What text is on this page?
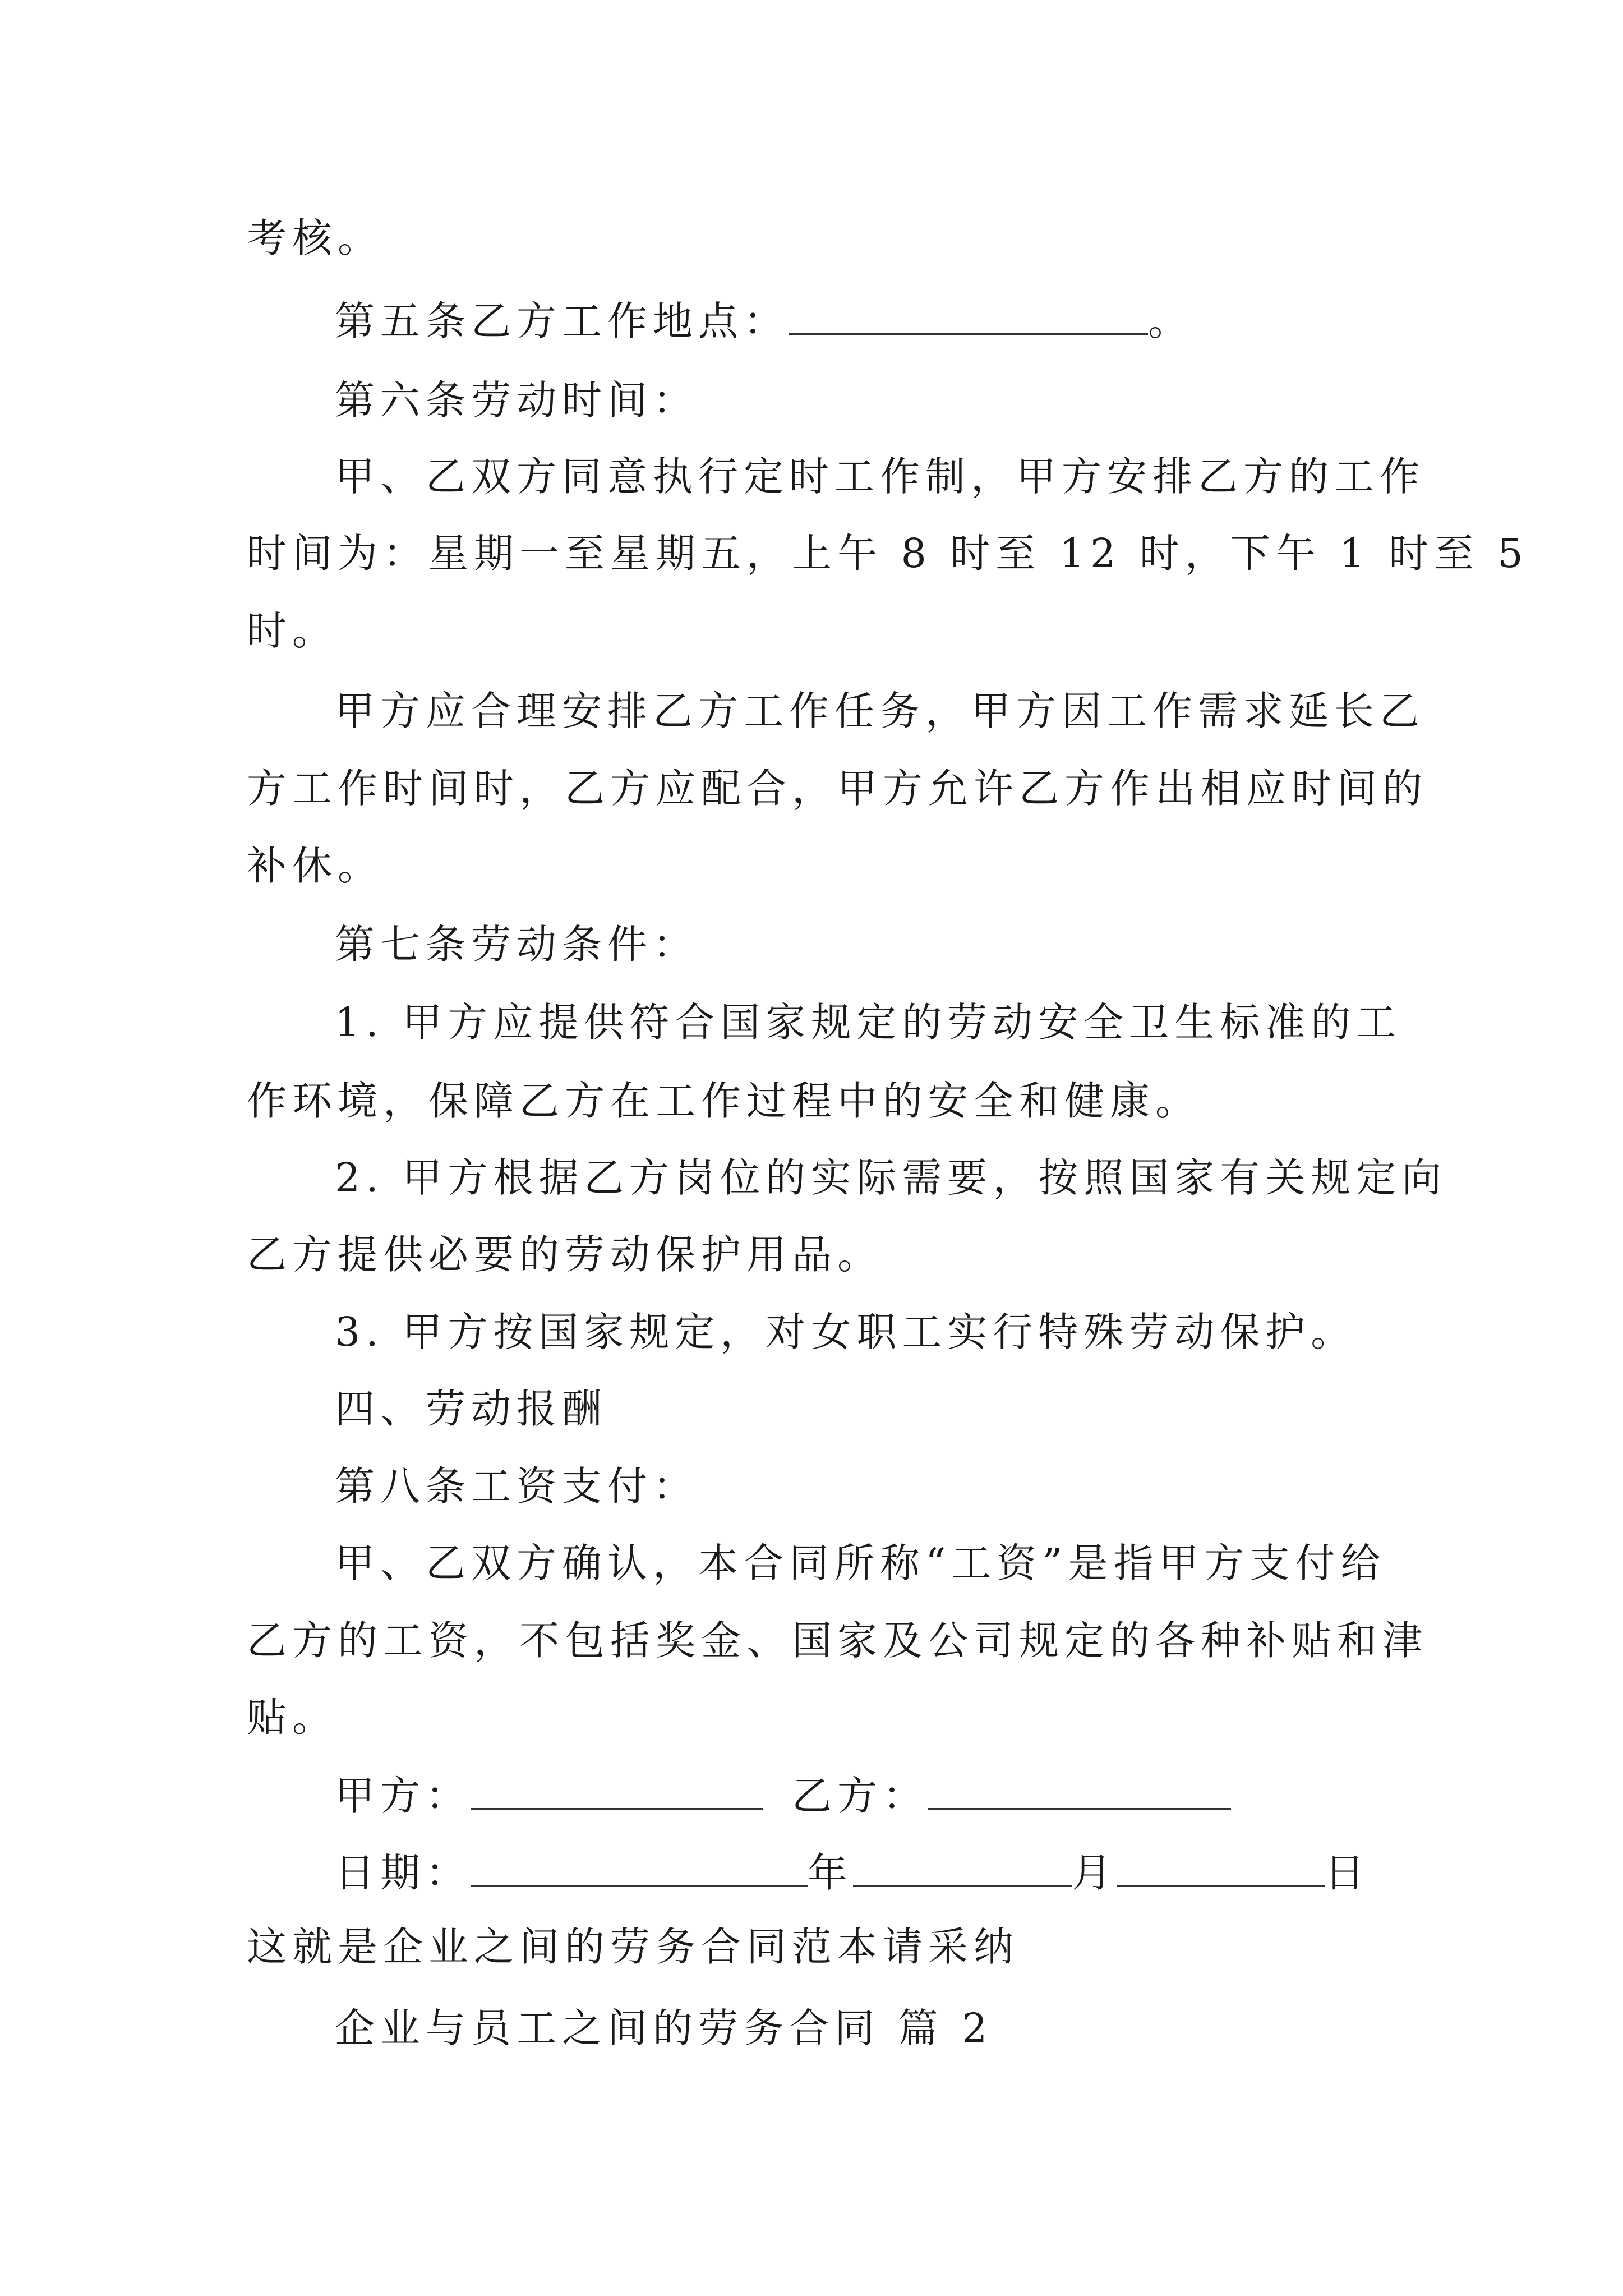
考核。
第五条乙方工作地点：	。
第六条劳动时间：
甲、乙双方同意执行定时工作制，甲方安排乙方的工作
时间为：星期一至星期五，上午 8 时至 12 时，下午 1 时至 5
时。
甲方应合理安排乙方工作任务，甲方因工作需求延长乙
方工作时间时，乙方应配合，甲方允许乙方作出相应时间的
补休。
第七条劳动条件：
1. 甲方应提供符合国家规定的劳动安全卫生标准的工
作环境，保障乙方在工作过程中的安全和健康。
2. 甲方根据乙方岗位的实际需要，按照国家有关规定向
乙方提供必要的劳动保护用品。
3. 甲方按国家规定，对女职工实行特殊劳动保护。
四、劳动报酬
第八条工资支付：
甲、乙双方确认，本合同所称“工资”是指甲方支付给
乙方的工资，不包括奖金、国家及公司规定的各种补贴和津
贴。
甲方：	乙方：
日期：	年	月	日
这就是企业之间的劳务合同范本请采纳
企业与员工之间的劳务合同 篇 2
